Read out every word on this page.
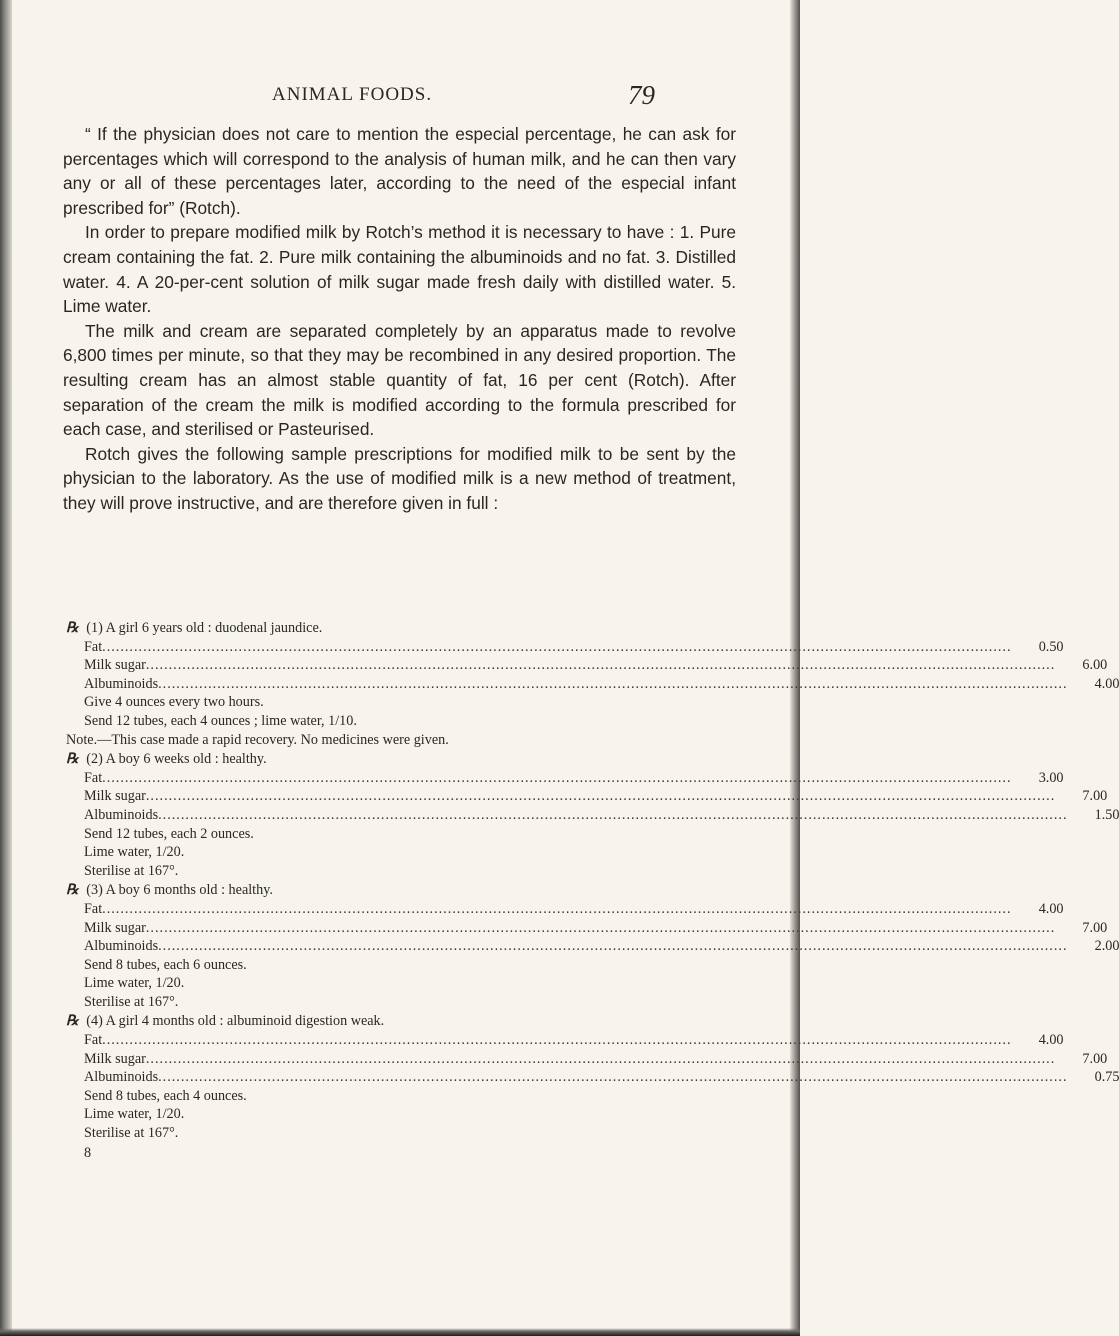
ANIMAL FOODS.	79

“ If the physician does not care to mention the especial percentage, he can ask for percentages which will correspond to the analysis of human milk, and he can then vary any or all of these percentages later, according to the need of the especial infant prescribed for” (Rotch).

In order to prepare modified milk by Rotch’s method it is necessary to have : 1. Pure cream containing the fat. 2. Pure milk containing the albuminoids and no fat. 3. Distilled water. 4. A 20-per-cent solution of milk sugar made fresh daily with distilled water. 5. Lime water.

The milk and cream are separated completely by an apparatus made to revolve 6,800 times per minute, so that they may be recombined in any desired proportion. The resulting cream has an almost stable quantity of fat, 16 per cent (Rotch). After separation of the cream the milk is modified according to the formula prescribed for each case, and sterilised or Pasteurised.

Rotch gives the following sample prescriptions for modified milk to be sent by the physician to the laboratory. As the use of modified milk is a new method of treatment, they will prove instructive, and are therefore given in full :

℞ (1) A girl 6 years old : duodenal jaundice.
Fat ........................................................................................................................................................................................................	0.50
Milk sugar ........................................................................................................................................................................................................	6.00
Albuminoids ........................................................................................................................................................................................................	4.00
Give 4 ounces every two hours.
Send 12 tubes, each 4 ounces ; lime water, 1/10.
Note.—This case made a rapid recovery. No medicines were given.
℞ (2) A boy 6 weeks old : healthy.
Fat ........................................................................................................................................................................................................	3.00
Milk sugar ........................................................................................................................................................................................................	7.00
Albuminoids ........................................................................................................................................................................................................	1.50
Send 12 tubes, each 2 ounces.
Lime water, 1/20.
Sterilise at 167°.
℞ (3) A boy 6 months old : healthy.
Fat ........................................................................................................................................................................................................	4.00
Milk sugar ........................................................................................................................................................................................................	7.00
Albuminoids ........................................................................................................................................................................................................	2.00
Send 8 tubes, each 6 ounces.
Lime water, 1/20.
Sterilise at 167°.
℞ (4) A girl 4 months old : albuminoid digestion weak.
Fat ........................................................................................................................................................................................................	4.00
Milk sugar ........................................................................................................................................................................................................	7.00
Albuminoids ........................................................................................................................................................................................................	0.75
Send 8 tubes, each 4 ounces.
Lime water, 1/20.
Sterilise at 167°.
8
